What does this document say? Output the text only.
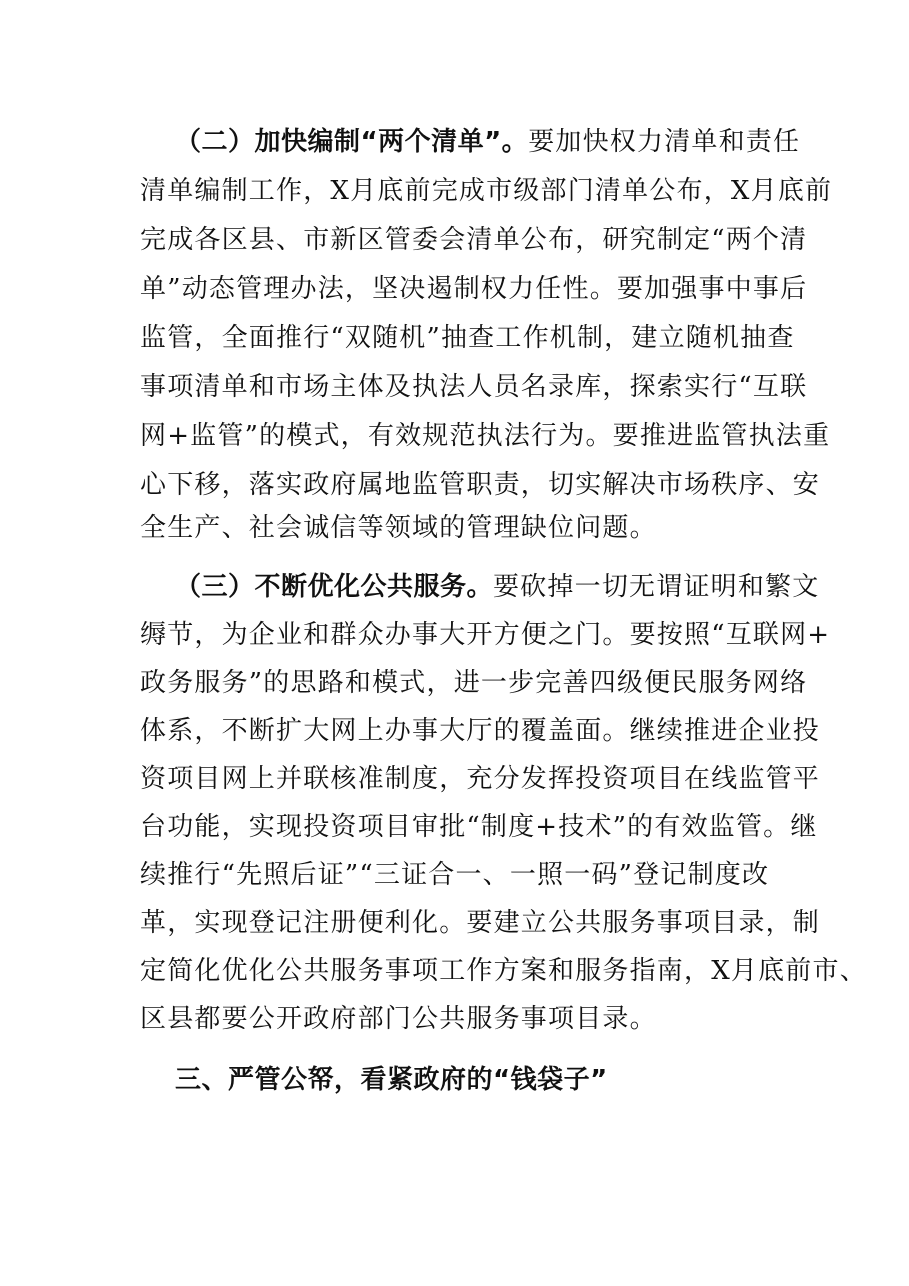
（二）加快编制“两个清单”。要加快权力清单和责任
清单编制工作，X月底前完成市级部门清单公布，X月底前
完成各区县、市新区管委会清单公布，研究制定“两个清
单”动态管理办法，坚决遏制权力任性。要加强事中事后
监管，全面推行“双随机”抽查工作机制，建立随机抽查
事项清单和市场主体及执法人员名录库，探索实行“互联
网+监管”的模式，有效规范执法行为。要推进监管执法重
心下移，落实政府属地监管职责，切实解决市场秩序、安
全生产、社会诚信等领域的管理缺位问题。
（三）不断优化公共服务。要砍掉一切无谓证明和繁文
缛节，为企业和群众办事大开方便之门。要按照“互联网+
政务服务”的思路和模式，进一步完善四级便民服务网络
体系，不断扩大网上办事大厅的覆盖面。继续推进企业投
资项目网上并联核准制度，充分发挥投资项目在线监管平
台功能，实现投资项目审批“制度+技术”的有效监管。继
续推行“先照后证”“三证合一、一照一码”登记制度改
革，实现登记注册便利化。要建立公共服务事项目录，制
定简化优化公共服务事项工作方案和服务指南，X月底前市、
区县都要公开政府部门公共服务事项目录。
三、严管公帑，看紧政府的“钱袋子”
